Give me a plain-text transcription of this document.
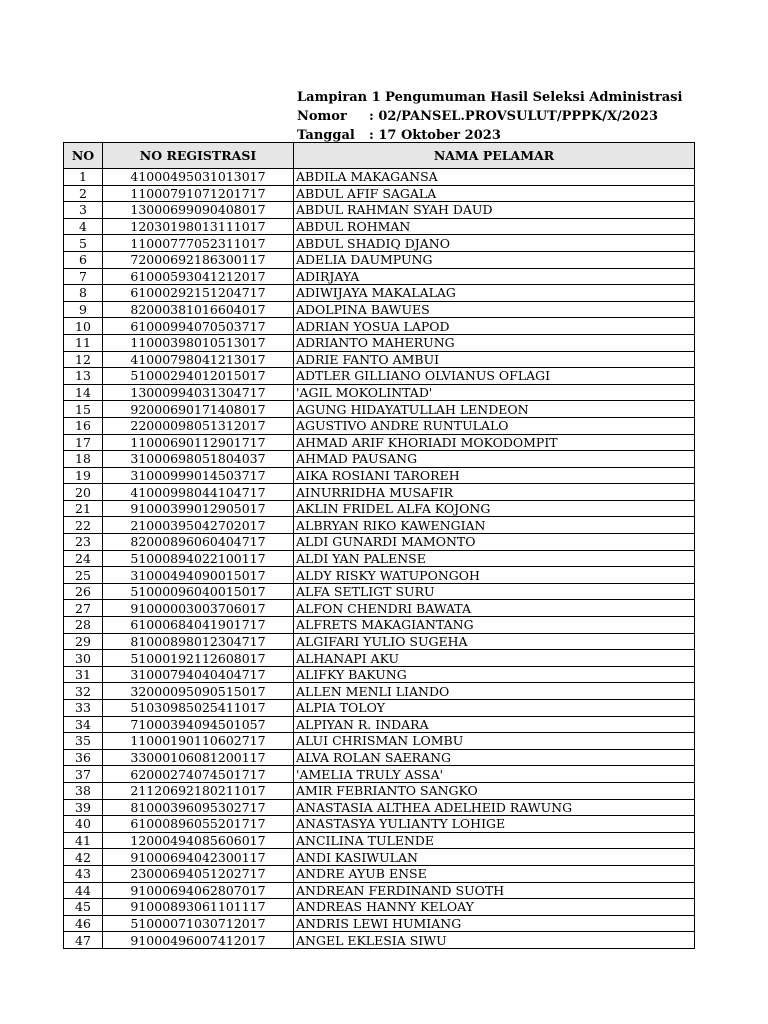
Lampiran 1 Pengumuman Hasil Seleksi Administrasi
Nomor	: 02/PANSEL.PROVSULUT/PPPK/X/2023
Tanggal	: 17 Oktober 2023
NO	NO REGISTRASI	NAMA PELAMAR
1	41000495031013017	ABDILA MAKAGANSA
2	11000791071201717	ABDUL AFIF SAGALA
3	13000699090408017	ABDUL RAHMAN SYAH DAUD
4	12030198013111017	ABDUL ROHMAN
5	11000777052311017	ABDUL SHADIQ DJANO
6	72000692186300117	ADELIA DAUMPUNG
7	61000593041212017	ADIRJAYA
8	61000292151204717	ADIWIJAYA MAKALALAG
9	82000381016604017	ADOLPINA BAWUES
10	61000994070503717	ADRIAN YOSUA LAPOD
11	11000398010513017	ADRIANTO MAHERUNG
12	41000798041213017	ADRIE FANTO AMBUI
13	51000294012015017	ADTLER GILLIANO OLVIANUS OFLAGI
14	13000994031304717	'AGIL MOKOLINTAD'
15	92000690171408017	AGUNG HIDAYATULLAH LENDEON
16	22000098051312017	AGUSTIVO ANDRE RUNTULALO
17	11000690112901717	AHMAD ARIF KHORIADI MOKODOMPIT
18	31000698051804037	AHMAD PAUSANG
19	31000999014503717	AIKA ROSIANI TAROREH
20	41000998044104717	AINURRIDHA MUSAFIR
21	91000399012905017	AKLIN FRIDEL ALFA KOJONG
22	21000395042702017	ALBRYAN RIKO KAWENGIAN
23	82000896060404717	ALDI GUNARDI MAMONTO
24	51000894022100117	ALDI YAN PALENSE
25	31000494090015017	ALDY RISKY WATUPONGOH
26	51000096040015017	ALFA SETLIGT SURU
27	91000003003706017	ALFON CHENDRI BAWATA
28	61000684041901717	ALFRETS MAKAGIANTANG
29	81000898012304717	ALGIFARI YULIO SUGEHA
30	51000192112608017	ALHANAPI AKU
31	31000794040404717	ALIFKY BAKUNG
32	32000095090515017	ALLEN MENLI LIANDO
33	51030985025411017	ALPIA TOLOY
34	71000394094501057	ALPIYAN R. INDARA
35	11000190110602717	ALUI CHRISMAN LOMBU
36	33000106081200117	ALVA ROLAN SAERANG
37	62000274074501717	'AMELIA TRULY ASSA'
38	21120692180211017	AMIR FEBRIANTO SANGKO
39	81000396095302717	ANASTASIA ALTHEA ADELHEID RAWUNG
40	61000896055201717	ANASTASYA YULIANTY LOHIGE
41	12000494085606017	ANCILINA TULENDE
42	91000694042300117	ANDI KASIWULAN
43	23000694051202717	ANDRE AYUB ENSE
44	91000694062807017	ANDREAN FERDINAND SUOTH
45	91000893061101117	ANDREAS HANNY KELOAY
46	51000071030712017	ANDRIS LEWI HUMIANG
47	91000496007412017	ANGEL EKLESIA SIWU
